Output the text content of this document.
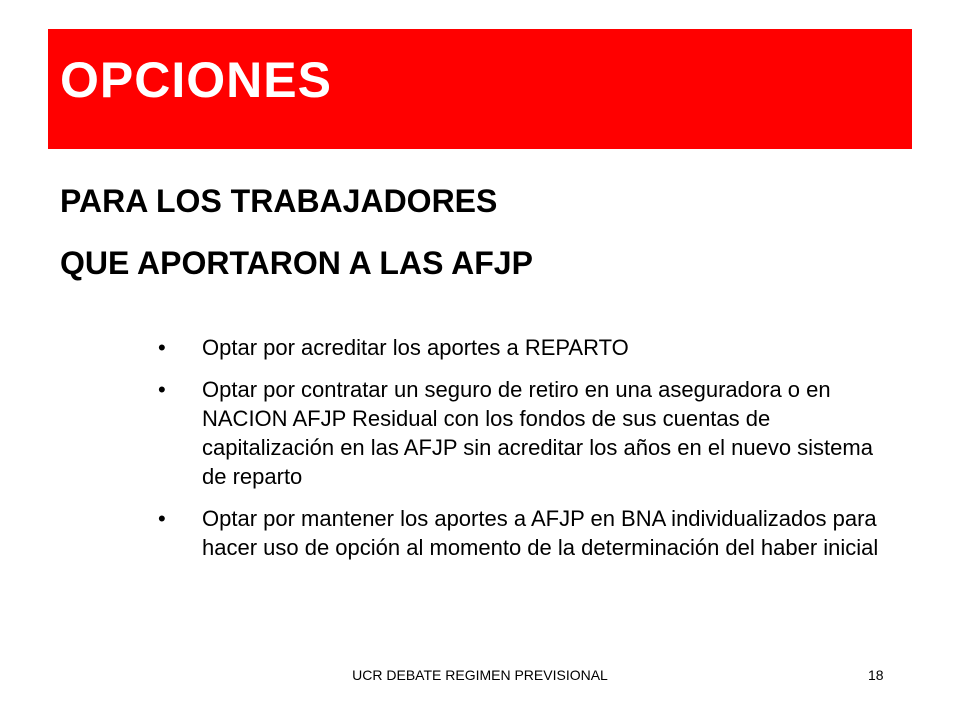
OPCIONES
PARA LOS TRABAJADORES
QUE APORTARON A LAS AFJP
• Optar por acreditar los aportes a REPARTO
• Optar por contratar un seguro de retiro en una aseguradora o en NACION AFJP Residual con los fondos de sus cuentas de capitalización en las AFJP sin acreditar los años en el nuevo sistema de reparto
• Optar por mantener los aportes a AFJP en BNA individualizados para hacer uso de opción al momento de la determinación del haber inicial
UCR DEBATE REGIMEN PREVISIONAL	18
